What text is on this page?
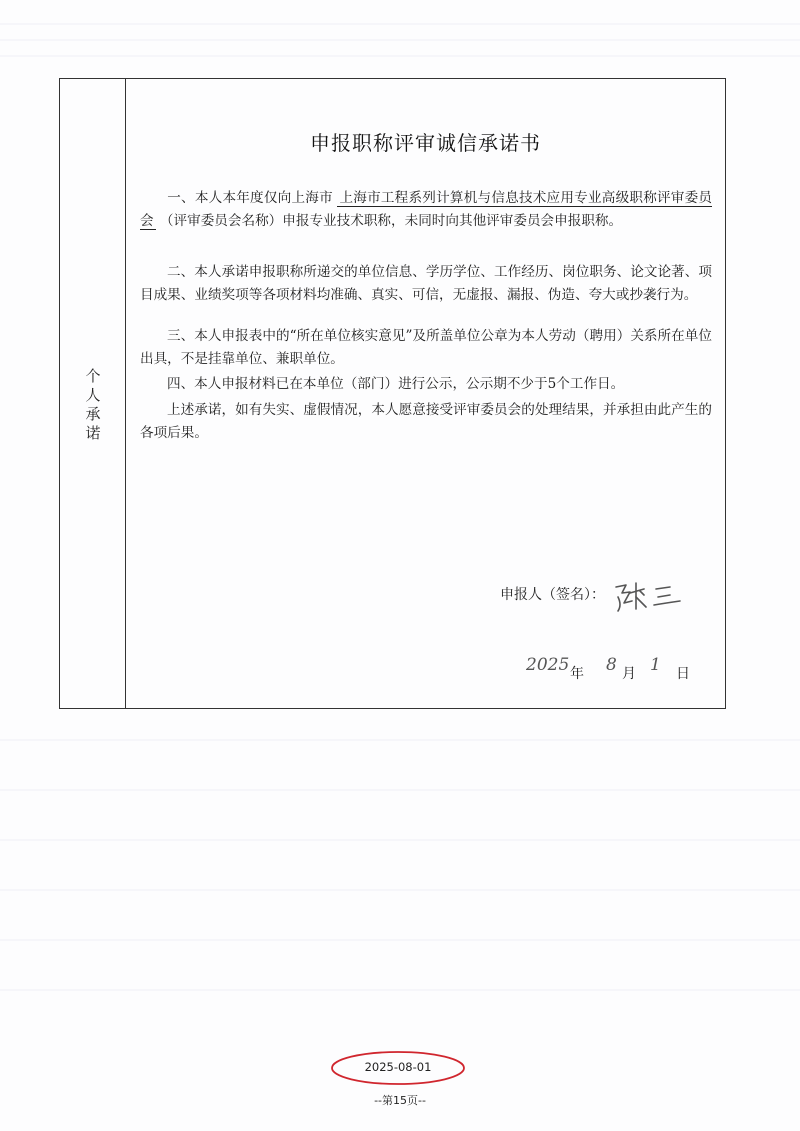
个
人
承
诺
申报职称评审诚信承诺书
一、本人本年度仅向上海市 上海市工程系列计算机与信息技术应用专业高级职称评审委员会 （评审委员会名称）申报专业技术职称，未同时向其他评审委员会申报职称。
二、本人承诺申报职称所递交的单位信息、学历学位、工作经历、岗位职务、论文论著、项目成果、业绩奖项等各项材料均准确、真实、可信，无虚报、漏报、伪造、夸大或抄袭行为。
三、本人申报表中的“所在单位核实意见”及所盖单位公章为本人劳动（聘用）关系所在单位出具，不是挂靠单位、兼职单位。
四、本人申报材料已在本单位（部门）进行公示，公示期不少于5个工作日。
上述承诺，如有失实、虚假情况，本人愿意接受评审委员会的处理结果，并承担由此产生的各项后果。
申报人（签名）：
2025 年 8 月 1 日
2025-08-01
--第15页--
